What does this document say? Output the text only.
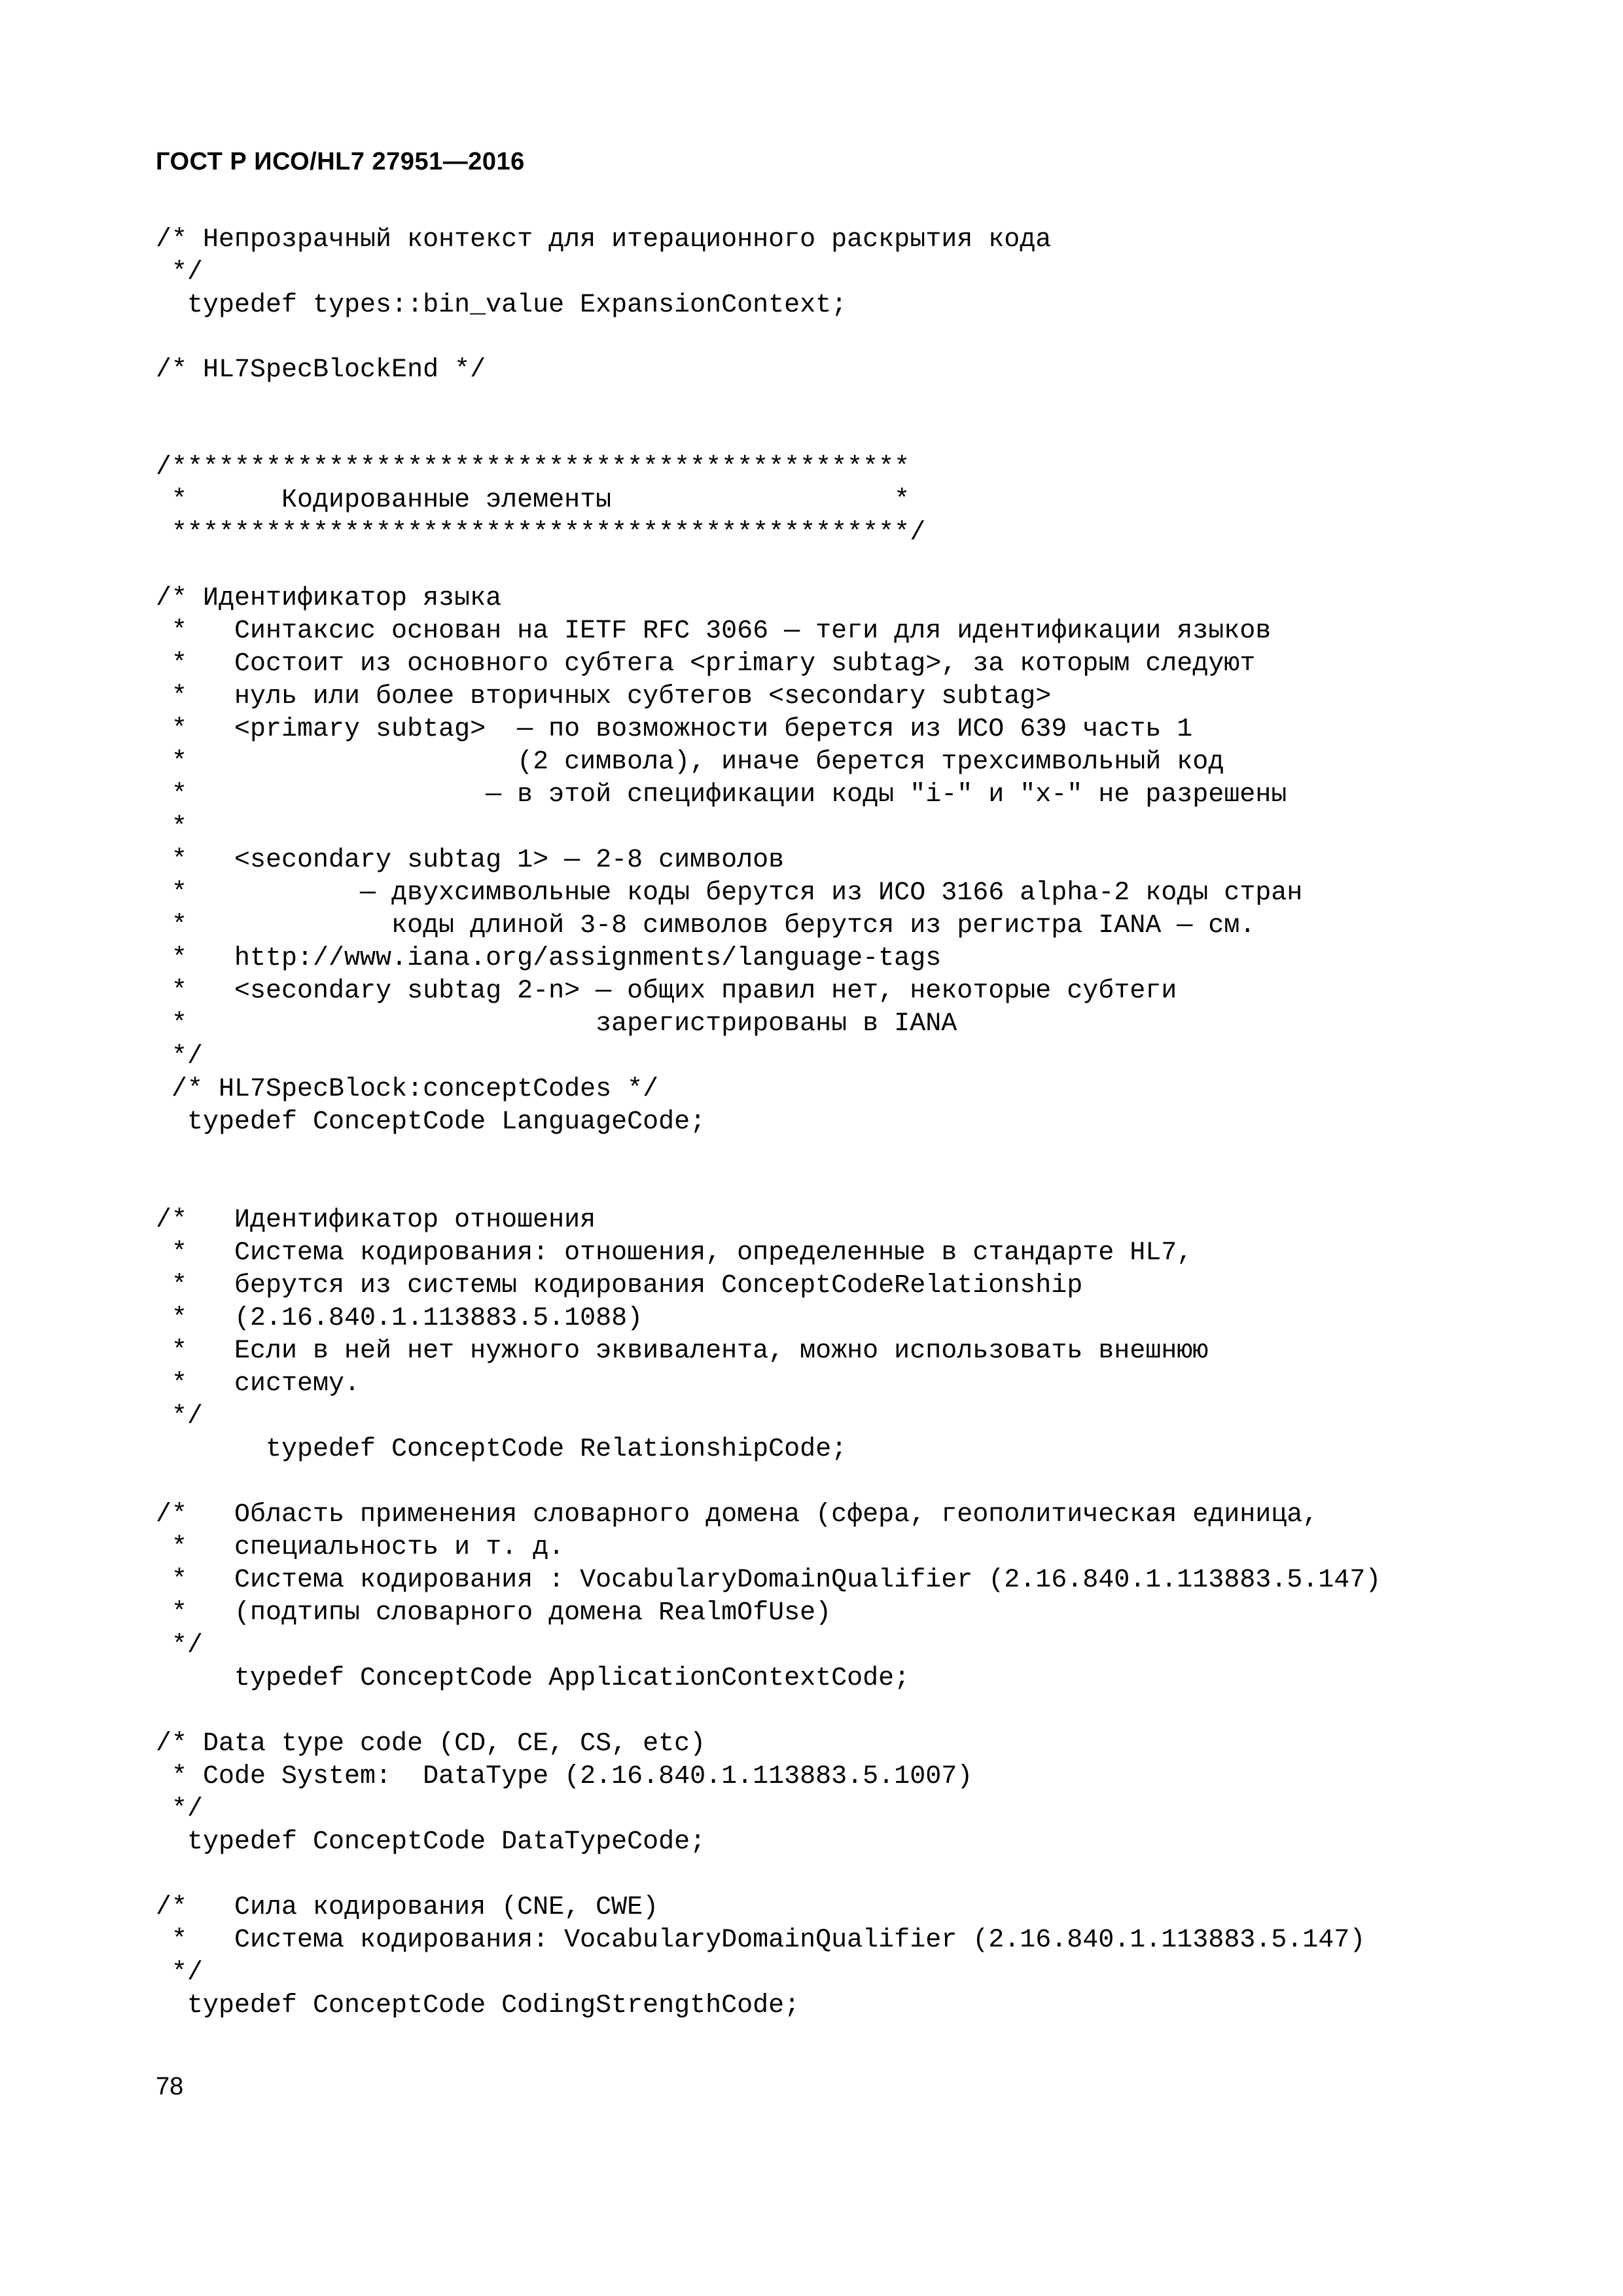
ГОСТ Р ИСО/HL7 27951—2016
/* Непрозрачный контекст для итерационного раскрытия кода
*/
typedef types::bin_value ExpansionContext;
/* HL7SpecBlockEnd */
/***********************************************
*      Кодированные элементы                  *
***********************************************/
/* Идентификатор языка
*   Синтаксис основан на IETF RFC 3066 — теги для идентификации языков
*   Состоит из основного субтега <primary subtag>, за которым следуют
*   нуль или более вторичных субтегов <secondary subtag>
*   <primary subtag>  — по возможности берется из ИСО 639 часть 1
*                     (2 символа), иначе берется трехсимвольный код
*                   — в этой спецификации коды "i-" и "x-" не разрешены
*
*   <secondary subtag 1> — 2-8 символов
*           — двухсимвольные коды берутся из ИСО 3166 alpha-2 коды стран
*             коды длиной 3-8 символов берутся из регистра IANA — см.
*   http://www.iana.org/assignments/language-tags
*   <secondary subtag 2-n> — общих правил нет, некоторые субтеги
*                          зарегистрированы в IANA
*/
/* HL7SpecBlock:conceptCodes */
typedef ConceptCode LanguageCode;
/*   Идентификатор отношения
*   Система кодирования: отношения, определенные в стандарте HL7,
*   берутся из системы кодирования ConceptCodeRelationship
*   (2.16.840.1.113883.5.1088)
*   Если в ней нет нужного эквивалента, можно использовать внешнюю
*   систему.
*/
typedef ConceptCode RelationshipCode;
/*   Область применения словарного домена (сфера, геополитическая единица,
*   специальность и т. д.
*   Система кодирования : VocabularyDomainQualifier (2.16.840.1.113883.5.147)
*   (подтипы словарного домена RealmOfUse)
*/
typedef ConceptCode ApplicationContextCode;
/* Data type code (CD, CE, CS, etc)
* Code System:  DataType (2.16.840.1.113883.5.1007)
*/
typedef ConceptCode DataTypeCode;
/*   Сила кодирования (CNE, CWE)
*   Система кодирования: VocabularyDomainQualifier (2.16.840.1.113883.5.147)
*/
typedef ConceptCode CodingStrengthCode;
78
